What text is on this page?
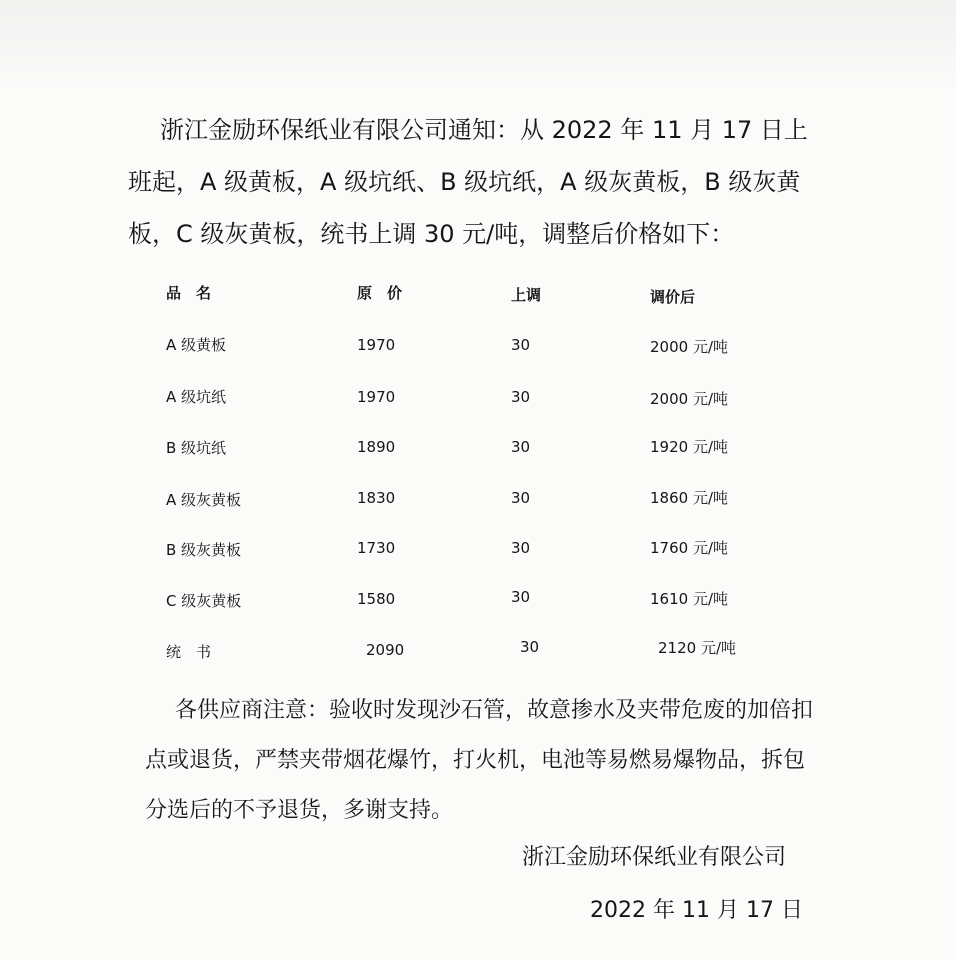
浙江金励环保纸业有限公司通知：从 2022 年 11 月 17 日上班起，A 级黄板，A 级坑纸、B 级坑纸，A 级灰黄板，B 级灰黄板，C 级灰黄板，统书上调 30 元/吨，调整后价格如下：

品　名	原　价	上调	调价后
A 级黄板	1970	30	2000 元/吨
A 级坑纸	1970	30	2000 元/吨
B 级坑纸	1890	30	1920 元/吨
A 级灰黄板	1830	30	1860 元/吨
B 级灰黄板	1730	30	1760 元/吨
C 级灰黄板	1580	30	1610 元/吨
统　书	2090	30	2120 元/吨

各供应商注意：验收时发现沙石管，故意掺水及夹带危废的加倍扣点或退货，严禁夹带烟花爆竹，打火机，电池等易燃易爆物品，拆包分选后的不予退货，多谢支持。

浙江金励环保纸业有限公司
2022 年 11 月 17 日
